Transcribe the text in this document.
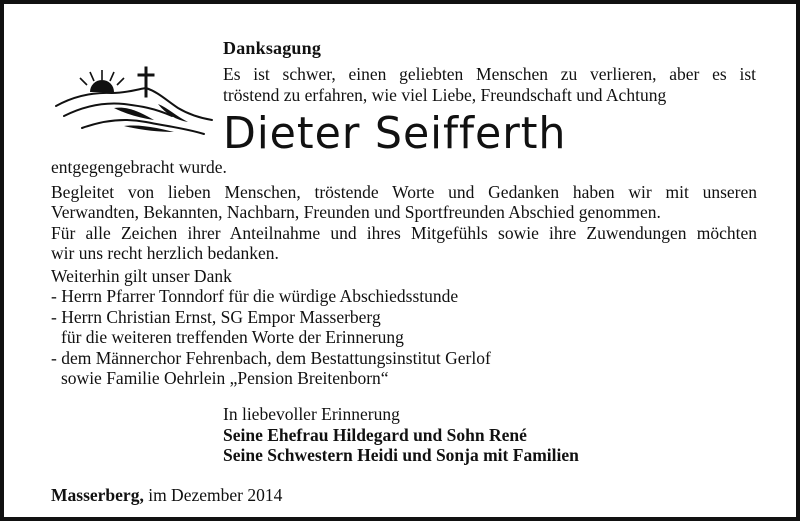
Danksagung

Es ist schwer, einen geliebten Menschen zu verlieren, aber es ist

tröstend zu erfahren, wie viel Liebe, Freundschaft und Achtung

Dieter Seifferth
entgegengebracht wurde.

Begleitet von lieben Menschen, tröstende Worte und Gedanken haben wir mit unseren

Verwandten, Bekannten, Nachbarn, Freunden und Sportfreunden Abschied genommen.

Für alle Zeichen ihrer Anteilnahme und ihres Mitgefühls sowie ihre Zuwendungen möchten

wir uns recht herzlich bedanken.

Weiterhin gilt unser Dank
- Herrn Pfarrer Tonndorf für die würdige Abschiedsstunde
- Herrn Christian Ernst, SG Empor Masserberg
für die weiteren treffenden Worte der Erinnerung
- dem Männerchor Fehrenbach, dem Bestattungsinstitut Gerlof
sowie Familie Oehrlein „Pension Breitenborn“
In liebevoller Erinnerung
Seine Ehefrau Hildegard und Sohn René
Seine Schwestern Heidi und Sonja mit Familien
Masserberg, im Dezember 2014
